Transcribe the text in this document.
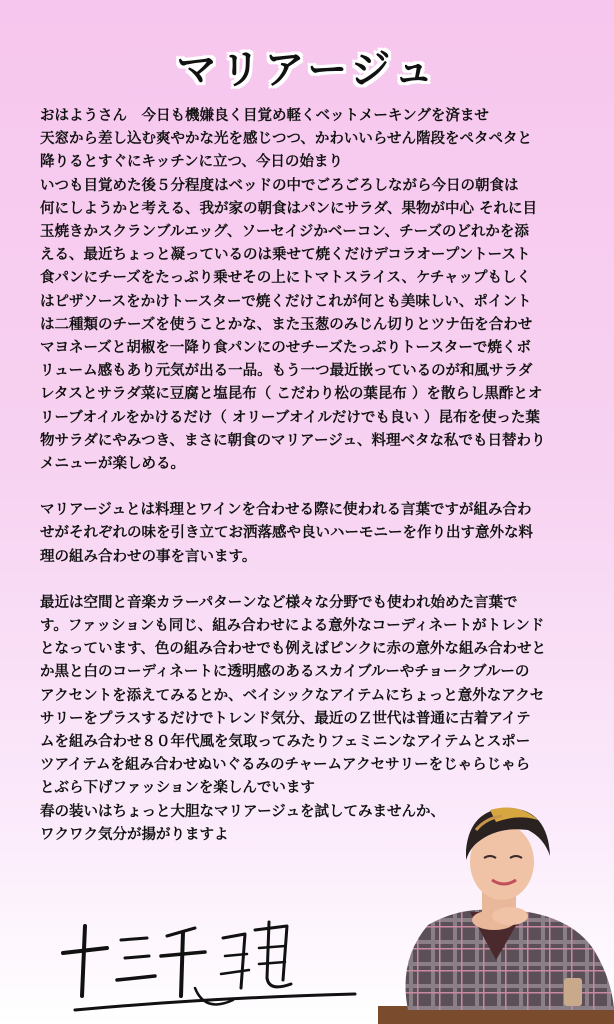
マリアージュ

おはようさん　今日も機嫌良く目覚め軽くベットメーキングを済ませ
天窓から差し込む爽やかな光を感じつつ、かわいいらせん階段をペタペタと
降りるとすぐにキッチンに立つ、今日の始まり
いつも目覚めた後５分程度はベッドの中でごろごろしながら今日の朝食は
何にしようかと考える、我が家の朝食はパンにサラダ、果物が中心 それに目
玉焼きかスクランブルエッグ、ソーセイジかベーコン、チーズのどれかを添
える、最近ちょっと凝っているのは乗せて焼くだけデコラオープントースト
食パンにチーズをたっぷり乗せその上にトマトスライス、ケチャップもしく
はピザソースをかけトースターで焼くだけこれが何とも美味しい、ポイント
は二種類のチーズを使うことかな、また玉葱のみじん切りとツナ缶を合わせ
マヨネーズと胡椒を一降り食パンにのせチーズたっぷりトースターで焼くボ
リューム感もあり元気が出る一品。もう一つ最近嵌っているのが和風サラダ
レタスとサラダ菜に豆腐と塩昆布（ こだわり松の葉昆布 ）を散らし黒酢とオ
リーブオイルをかけるだけ（ オリーブオイルだけでも良い ）昆布を使った葉
物サラダにやみつき、まさに朝食のマリアージュ、料理ベタな私でも日替わり
メニューが楽しめる。

マリアージュとは料理とワインを合わせる際に使われる言葉ですが組み合わ
せがそれぞれの味を引き立てお洒落感や良いハーモニーを作り出す意外な料
理の組み合わせの事を言います。

最近は空間と音楽カラーパターンなど様々な分野でも使われ始めた言葉で
す。ファッションも同じ、組み合わせによる意外なコーディネートがトレンド
となっています、色の組み合わせでも例えばピンクに赤の意外な組み合わせと
か黒と白のコーディネートに透明感のあるスカイブルーやチョークブルーの
アクセントを添えてみるとか、ベイシックなアイテムにちょっと意外なアクセ
サリーをプラスするだけでトレンド気分、最近のＺ世代は普通に古着アイテ
ムを組み合わせ８０年代風を気取ってみたりフェミニンなアイテムとスポー
ツアイテムを組み合わせぬいぐるみのチャームアクセサリーをじゃらじゃら
とぶら下げファッションを楽しんでいます
春の装いはちょっと大胆なマリアージュを試してみませんか、
ワクワク気分が揚がりますよ
